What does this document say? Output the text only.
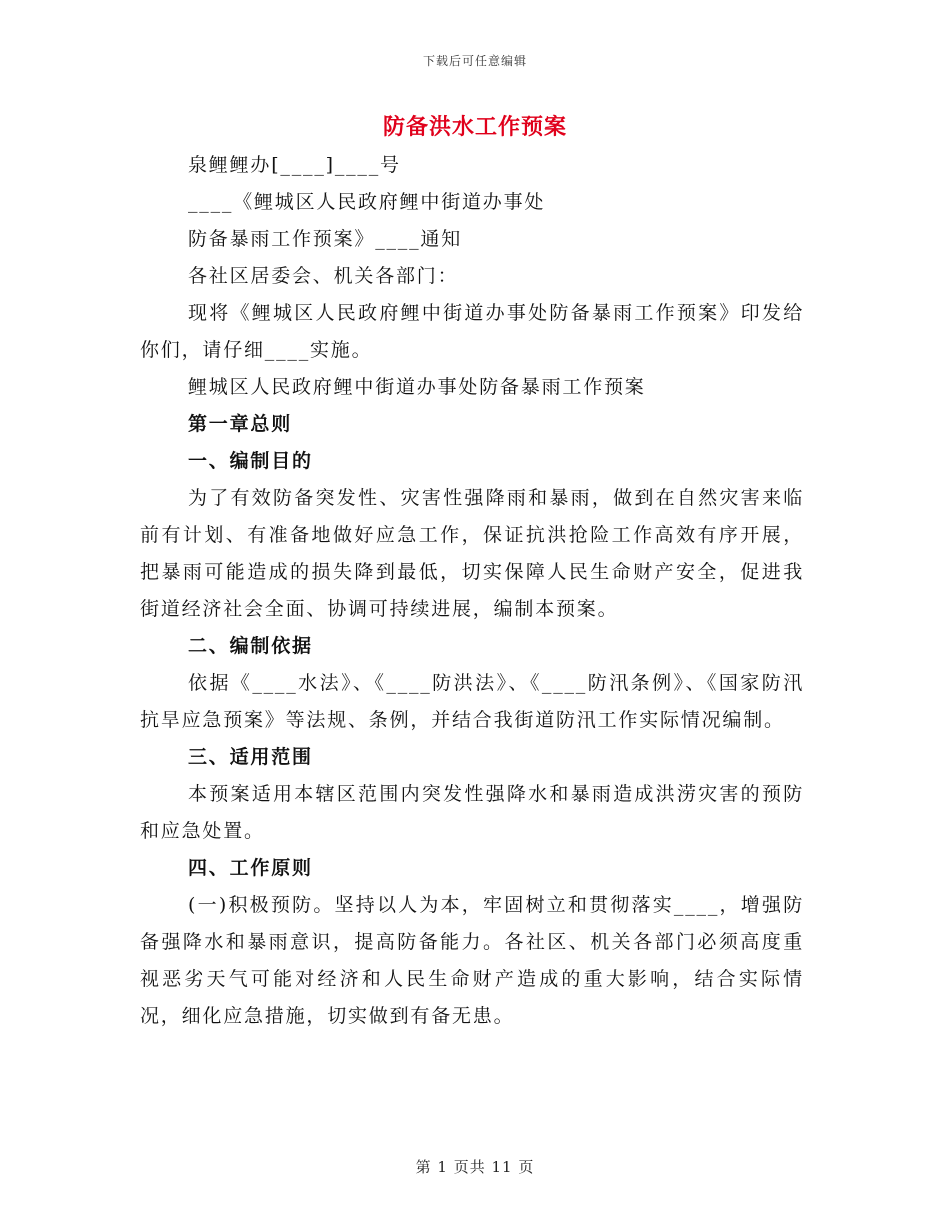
下载后可任意编辑
防备洪水工作预案

泉鲤鲤办[____]____号

____《鲤城区人民政府鲤中街道办事处

防备暴雨工作预案》____通知

各社区居委会、机关各部门：

现将《鲤城区人民政府鲤中街道办事处防备暴雨工作预案》印发给你们，请仔细____实施。

鲤城区人民政府鲤中街道办事处防备暴雨工作预案

第一章总则

一、编制目的

为了有效防备突发性、灾害性强降雨和暴雨，做到在自然灾害来临前有计划、有准备地做好应急工作，保证抗洪抢险工作高效有序开展，把暴雨可能造成的损失降到最低，切实保障人民生命财产安全，促进我街道经济社会全面、协调可持续进展，编制本预案。

二、编制依据

依据《____水法》、《____防洪法》、《____防汛条例》、《国家防汛抗旱应急预案》等法规、条例，并结合我街道防汛工作实际情况编制。

三、适用范围

本预案适用本辖区范围内突发性强降水和暴雨造成洪涝灾害的预防和应急处置。

四、工作原则

(一)积极预防。坚持以人为本，牢固树立和贯彻落实____，增强防备强降水和暴雨意识，提高防备能力。各社区、机关各部门必须高度重视恶劣天气可能对经济和人民生命财产造成的重大影响，结合实际情况，细化应急措施，切实做到有备无患。

第 1 页共 11 页
